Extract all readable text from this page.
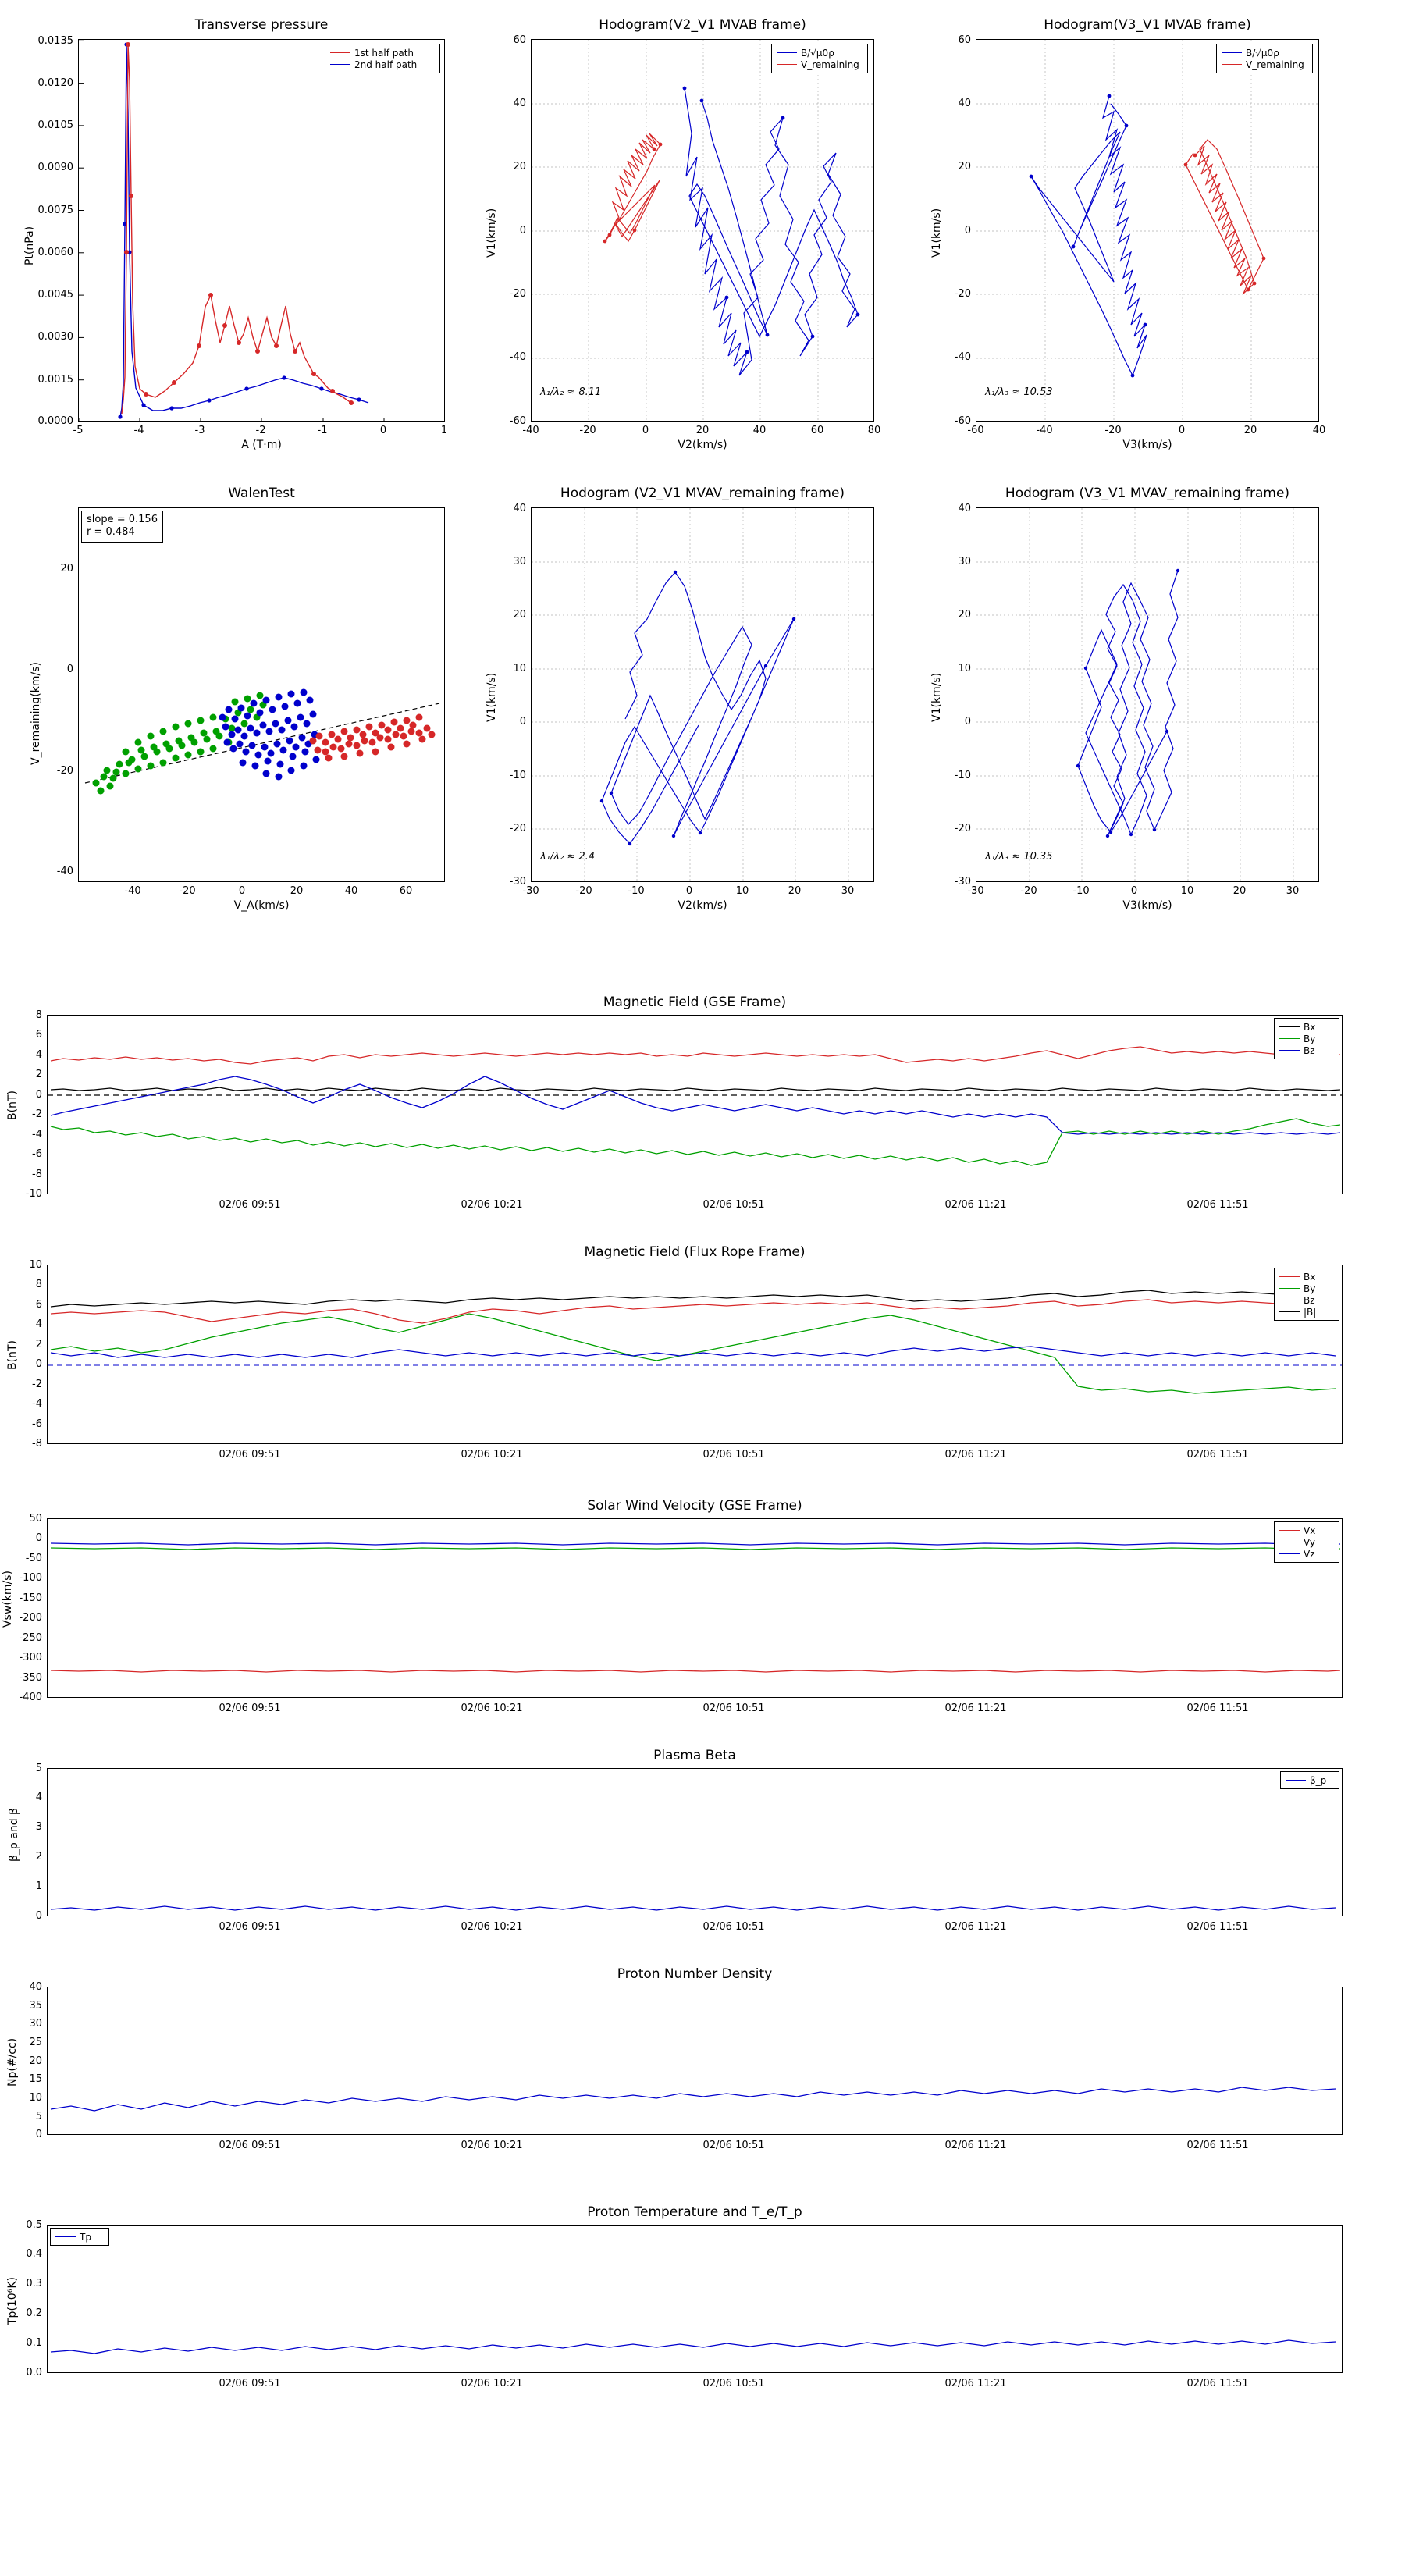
Transverse pressure
Pt(nPa)
A (T·m)
0.0000
0.0015
0.0030
0.0045
0.0060
0.0075
0.0090
0.0105
0.0120
0.0135
-5	-4	-3	-2	-1	0	1
1st half path
2nd half path
Hodogram(V2_V1 MVAB frame)
V1(km/s)
V2(km/s)
-60
-40
-20
0
20
40
60
-40	-20	0	20	40	60	80
λ₁/λ₂ ≈ 8.11
B/√μ0ρ
V_remaining
Hodogram(V3_V1 MVAB frame)
V1(km/s)
V3(km/s)
-60
-40
-20
0
20
40
60
-60	-40	-20	0	20	40
λ₁/λ₃ ≈ 10.53
B/√μ0ρ
V_remaining
WalenTest
V_remaining(km/s)
V_A(km/s)
slope = 0.156
r = 0.484
-40
-20
0
20
-40	-20	0	20	40	60
Hodogram (V2_V1 MVAV_remaining frame)
V1(km/s)
V2(km/s)
-30
-20
-10
0
10
20
30
40
-30	-20	-10	0	10	20	30
λ₁/λ₂ ≈ 2.4
Hodogram (V3_V1 MVAV_remaining frame)
V1(km/s)
V3(km/s)
-30
-20
-10
0
10
20
30
40
-30	-20	-10	0	10	20	30
λ₁/λ₃ ≈ 10.35
Magnetic Field (GSE Frame)
B(nT)
-10
-8
-6
-4
-2
0
2
4
6
8
02/06 09:51	02/06 10:21	02/06 10:51	02/06 11:21	02/06 11:51
Bx
By
Bz
Magnetic Field (Flux Rope Frame)
B(nT)
-8
-6
-4
-2
0
2
4
6
8
10
02/06 09:51	02/06 10:21	02/06 10:51	02/06 11:21	02/06 11:51
Bx
By
Bz
|B|
Solar Wind Velocity (GSE Frame)
Vsw(km/s)
-400
-350
-300
-250
-200
-150
-100
-50
0
50
02/06 09:51	02/06 10:21	02/06 10:51	02/06 11:21	02/06 11:51
Vx
Vy
Vz
Plasma Beta
β_p and β
0
1
2
3
4
5
02/06 09:51	02/06 10:21	02/06 10:51	02/06 11:21	02/06 11:51
β_p
Proton Number Density
Np(#/cc)
0
5
10
15
20
25
30
35
40
02/06 09:51	02/06 10:21	02/06 10:51	02/06 11:21	02/06 11:51
Proton Temperature and T_e/T_p
Tp(10⁶K)
0.0
0.1
0.2
0.3
0.4
0.5
02/06 09:51	02/06 10:21	02/06 10:51	02/06 11:21	02/06 11:51
Tp
